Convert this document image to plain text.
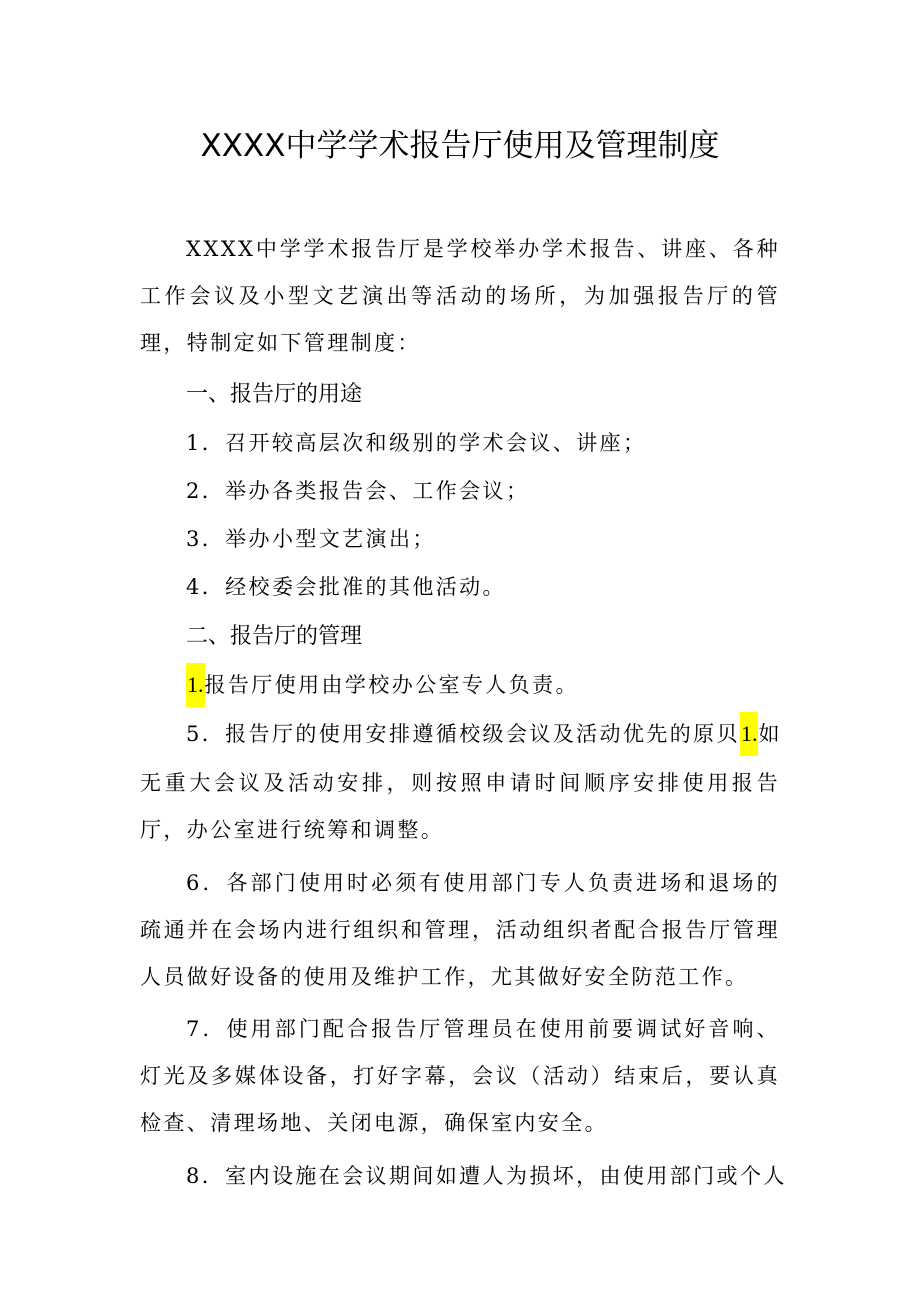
XXXX中学学术报告厅使用及管理制度

XXXX中学学术报告厅是学校举办学术报告、讲座、各种工作会议及小型文艺演出等活动的场所，为加强报告厅的管理，特制定如下管理制度：

一、报告厅的用途
1．召开较高层次和级别的学术会议、讲座；
2．举办各类报告会、工作会议；
3．举办小型文艺演出；
4．经校委会批准的其他活动。
二、报告厅的管理
1.报告厅使用由学校办公室专人负责。
5．报告厅的使用安排遵循校级会议及活动优先的原贝1.如

无重大会议及活动安排，则按照申请时间顺序安排使用报告厅，办公室进行统筹和调整。

6．各部门使用时必须有使用部门专人负责进场和退场的疏通并在会场内进行组织和管理，活动组织者配合报告厅管理人员做好设备的使用及维护工作，尤其做好安全防范工作。

7．使用部门配合报告厅管理员在使用前要调试好音响、灯光及多媒体设备，打好字幕，会议（活动）结束后，要认真检查、清理场地、关闭电源，确保室内安全。

8．室内设施在会议期间如遭人为损坏，由使用部门或个人
